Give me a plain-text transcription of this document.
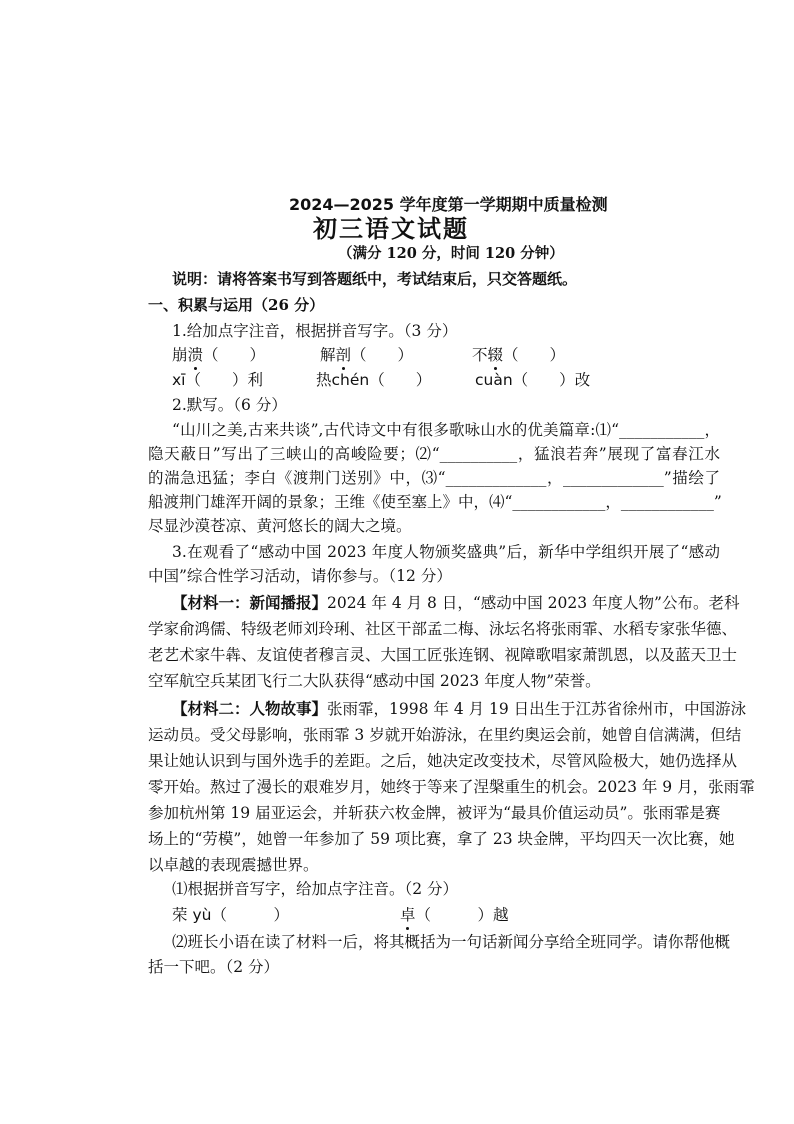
2024—2025 学年度第一学期期中质量检测
初三语文试题
（满分 120 分，时间 120 分钟）
说明：请将答案书写到答题纸中，考试结束后，只交答题纸。
一、积累与运用（26 分）
1.给加点字注音，根据拼音写字。（3 分）
崩溃（　　）	解剖（　　）	不辍（　　）
xī（　　）利	热chén（　　）	cuàn（　　）改
2.默写。（6 分）
“山川之美,古来共谈”,古代诗文中有很多歌咏山水的优美篇章:⑴“___________，
隐天蔽日”写出了三峡山的高峻险要；⑵“__________，猛浪若奔”展现了富春江水
的湍急迅猛；李白《渡荆门送别》中，⑶“_____________，_____________”描绘了
船渡荆门雄浑开阔的景象；王维《使至塞上》中，⑷“____________，____________”
尽显沙漠苍凉、黄河悠长的阔大之境。
3.在观看了“感动中国 2023 年度人物颁奖盛典”后，新华中学组织开展了“感动
中国”综合性学习活动，请你参与。（12 分）
【材料一：新闻播报】2024 年 4 月 8 日，“感动中国 2023 年度人物”公布。老科
学家俞鸿儒、特级老师刘玲琍、社区干部孟二梅、泳坛名将张雨霏、水稻专家张华德、
老艺术家牛犇、友谊使者穆言灵、大国工匠张连钢、视障歌唱家萧凯恩，以及蓝天卫士
空军航空兵某团飞行二大队获得“感动中国 2023 年度人物”荣誉。
【材料二：人物故事】张雨霏，1998 年 4 月 19 日出生于江苏省徐州市，中国游泳
运动员。受父母影响，张雨霏 3 岁就开始游泳，在里约奥运会前，她曾自信满满，但结
果让她认识到与国外选手的差距。之后，她决定改变技术，尽管风险极大，她仍选择从
零开始。熬过了漫长的艰难岁月，她终于等来了涅槃重生的机会。2023 年 9 月，张雨霏
参加杭州第 19 届亚运会，并斩获六枚金牌，被评为“最具价值运动员”。张雨霏是赛
场上的“劳模”，她曾一年参加了 59 项比赛，拿了 23 块金牌，平均四天一次比赛，她
以卓越的表现震撼世界。
⑴根据拼音写字，给加点字注音。（2 分）
荣 yù（　　　）	卓（　　　）越
⑵班长小语在读了材料一后，将其概括为一句话新闻分享给全班同学。请你帮他概
括一下吧。（2 分）
